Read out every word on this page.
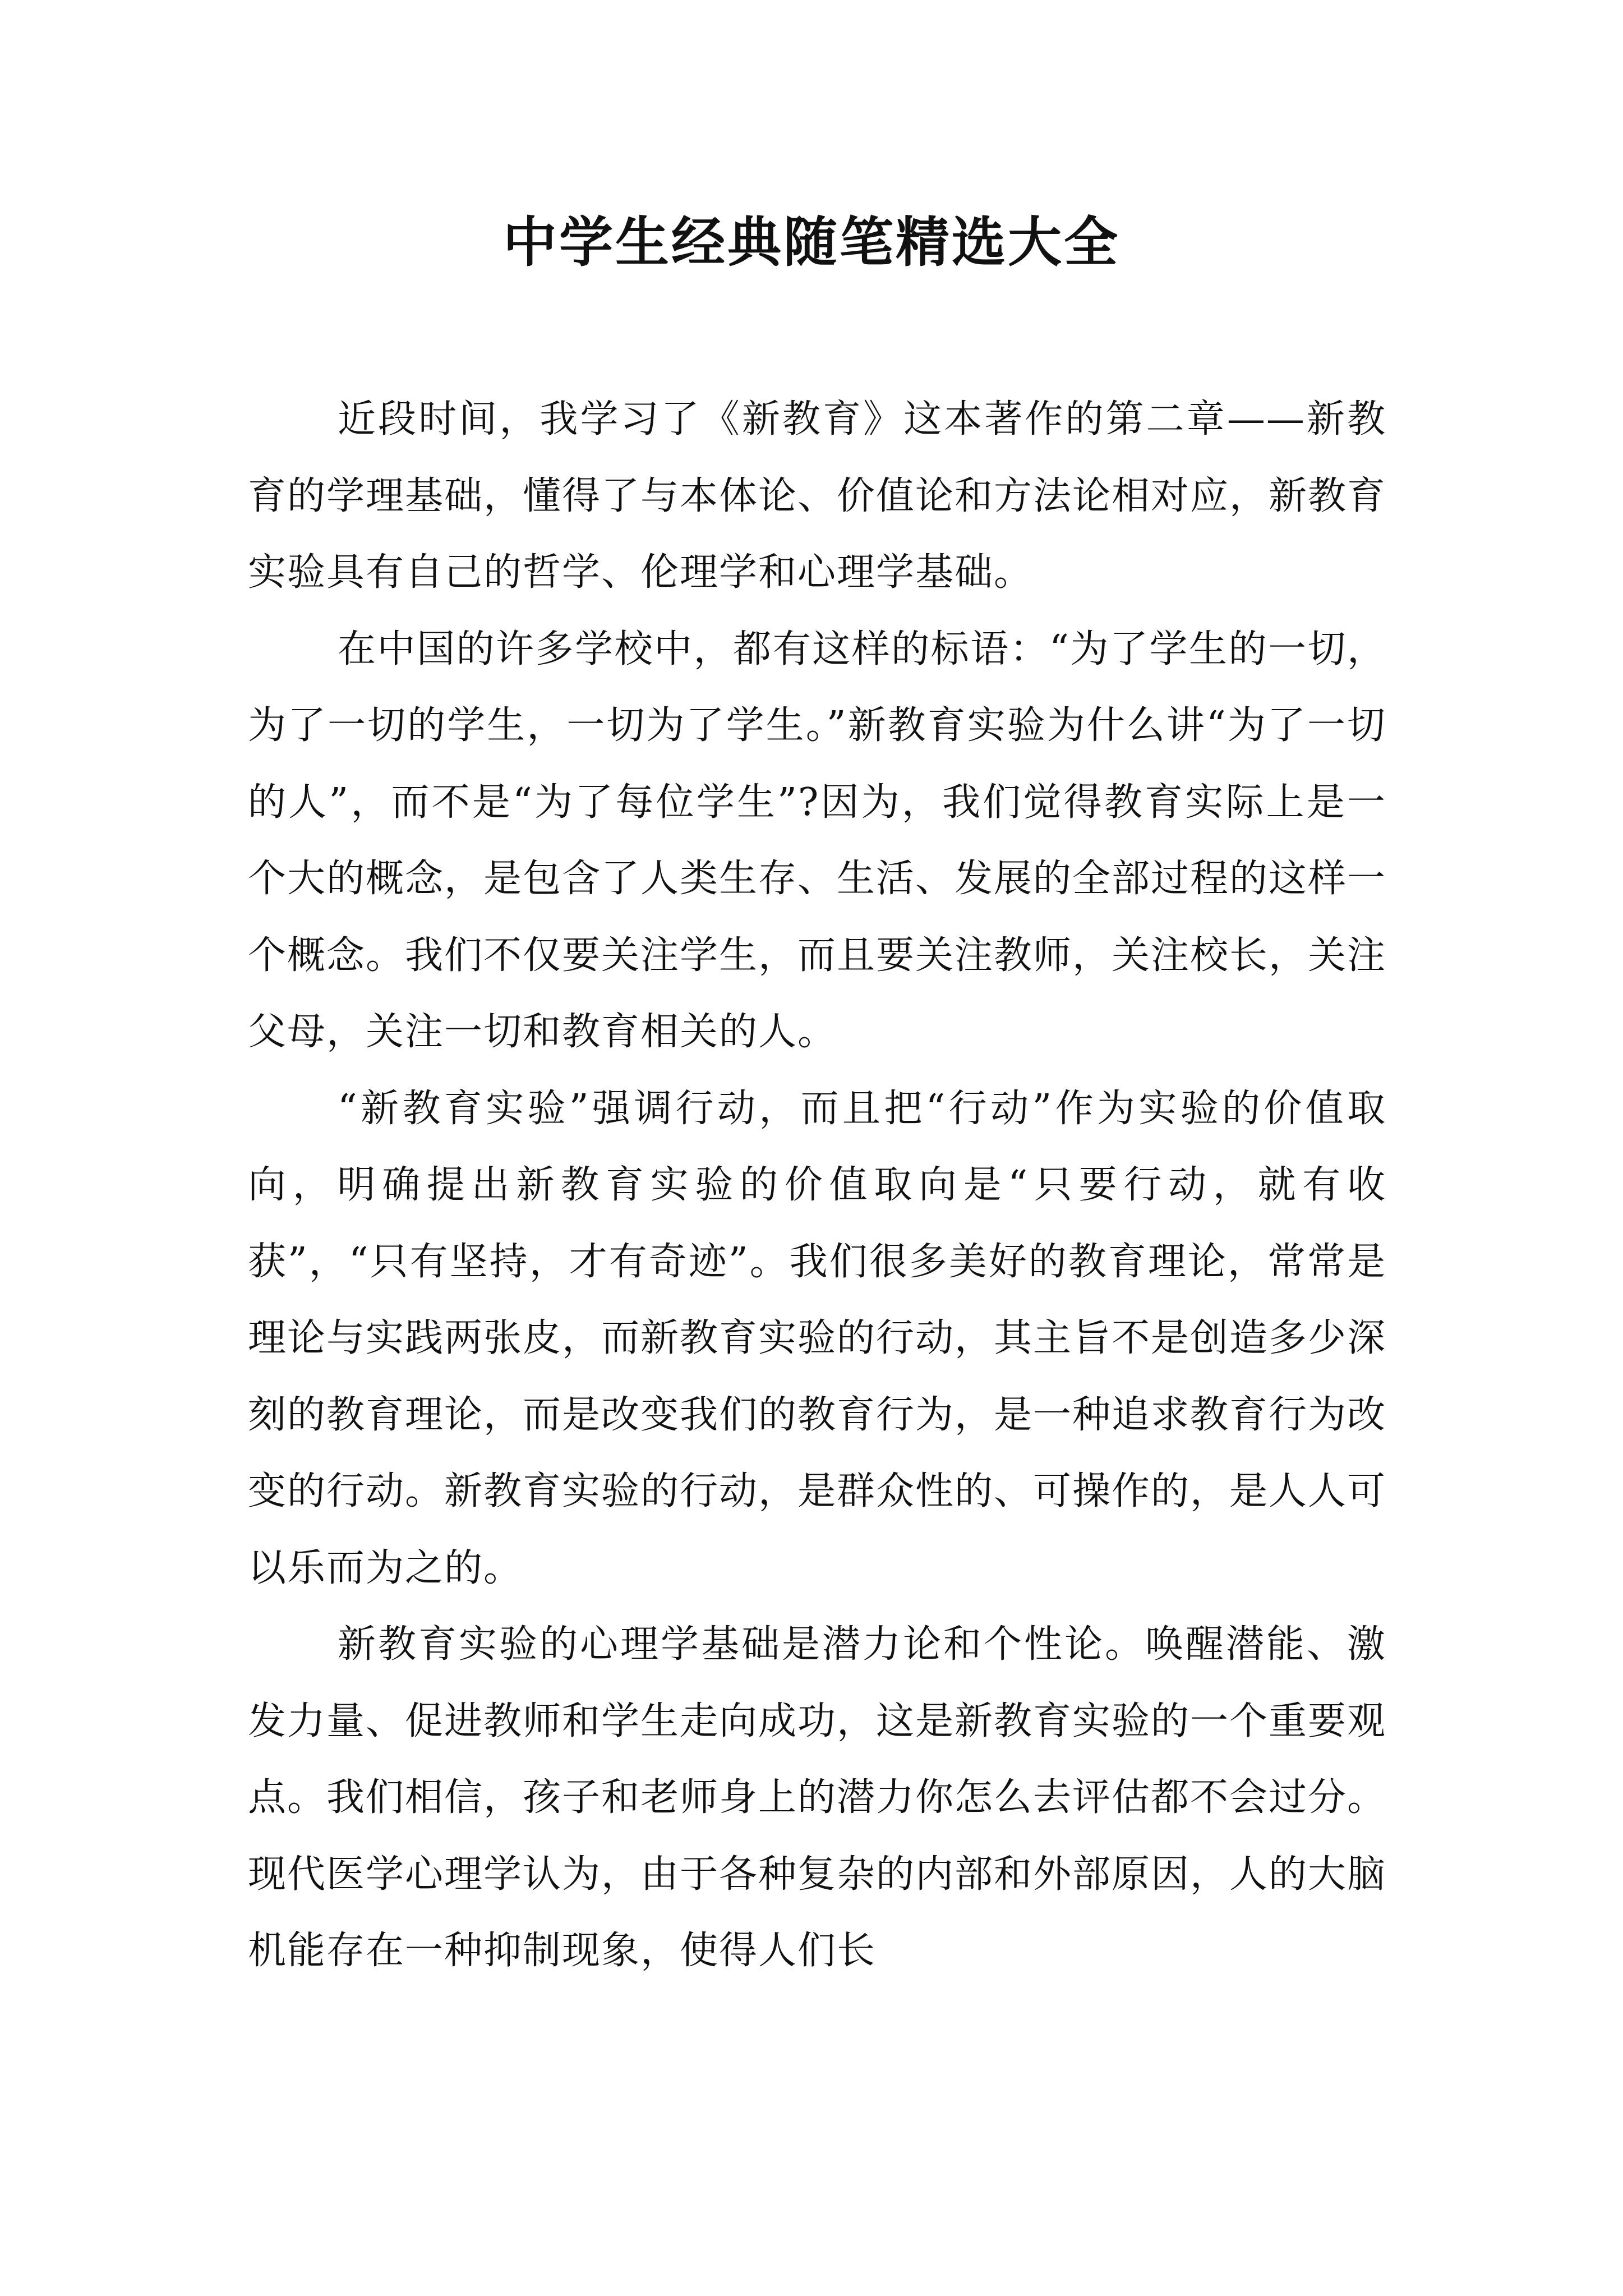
中学生经典随笔精选大全

近段时间，我学习了《新教育》这本著作的第二章——新教育的学理基础，懂得了与本体论、价值论和方法论相对应，新教育实验具有自己的哲学、伦理学和心理学基础。

在中国的许多学校中，都有这样的标语：“为了学生的一切，为了一切的学生，一切为了学生。”新教育实验为什么讲“为了一切的人”，而不是“为了每位学生”?因为，我们觉得教育实际上是一个大的概念，是包含了人类生存、生活、发展的全部过程的这样一个概念。我们不仅要关注学生，而且要关注教师，关注校长，关注父母，关注一切和教育相关的人。

“新教育实验”强调行动，而且把“行动”作为实验的价值取向，明确提出新教育实验的价值取向是“只要行动，就有收获”，“只有坚持，才有奇迹”。我们很多美好的教育理论，常常是理论与实践两张皮，而新教育实验的行动，其主旨不是创造多少深刻的教育理论，而是改变我们的教育行为，是一种追求教育行为改变的行动。新教育实验的行动，是群众性的、可操作的，是人人可以乐而为之的。

新教育实验的心理学基础是潜力论和个性论。唤醒潜能、激发力量、促进教师和学生走向成功，这是新教育实验的一个重要观点。我们相信，孩子和老师身上的潜力你怎么去评估都不会过分。现代医学心理学认为，由于各种复杂的内部和外部原因，人的大脑机能存在一种抑制现象，使得人们长
